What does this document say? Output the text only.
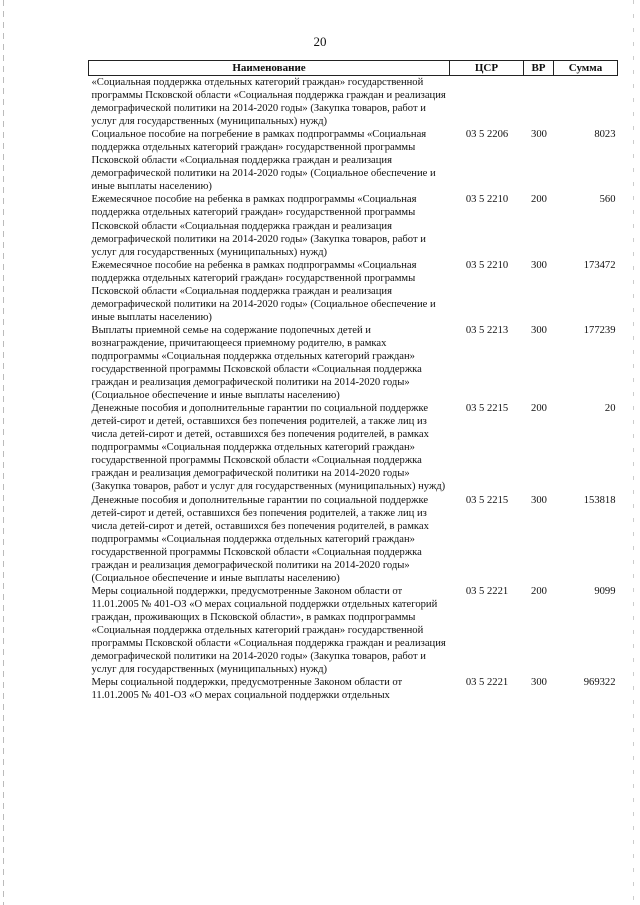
20
Наименование	ЦСР	ВР	Сумма
«Социальная поддержка отдельных категорий граждан» государственной программы Псковской области «Социальная поддержка граждан и реализация демографической политики на 2014-2020 годы» (Закупка товаров, работ и услуг для государственных (муниципальных) нужд)			
Социальное пособие на погребение в рамках подпрограммы «Социальная поддержка отдельных категорий граждан» государственной программы Псковской области «Социальная поддержка граждан и реализация демографической политики на 2014-2020 годы» (Социальное обеспечение и иные выплаты населению)	03 5 2206	300	8023
Ежемесячное пособие на ребенка в рамках подпрограммы «Социальная поддержка отдельных категорий граждан» государственной программы Псковской области «Социальная поддержка граждан и реализация демографической политики на 2014-2020 годы» (Закупка товаров, работ и услуг для государственных (муниципальных) нужд)	03 5 2210	200	560
Ежемесячное пособие на ребенка в рамках подпрограммы «Социальная поддержка отдельных категорий граждан» государственной программы Псковской области «Социальная поддержка граждан и реализация демографической политики на 2014-2020 годы» (Социальное обеспечение и иные выплаты населению)	03 5 2210	300	173472
Выплаты приемной семье на содержание подопечных детей и вознаграждение, причитающееся приемному родителю, в рамках подпрограммы «Социальная поддержка отдельных категорий граждан» государственной программы Псковской области «Социальная поддержка граждан и реализация демографической политики на 2014-2020 годы» (Социальное обеспечение и иные выплаты населению)	03 5 2213	300	177239
Денежные пособия и дополнительные гарантии по социальной поддержке детей-сирот и детей, оставшихся без попечения родителей, а также лиц из числа детей-сирот и детей, оставшихся без попечения родителей, в рамках подпрограммы «Социальная поддержка отдельных категорий граждан» государственной программы Псковской области «Социальная поддержка граждан и реализация демографической политики на 2014-2020 годы» (Закупка товаров, работ и услуг для государственных (муниципальных) нужд)	03 5 2215	200	20
Денежные пособия и дополнительные гарантии по социальной поддержке детей-сирот и детей, оставшихся без попечения родителей, а также лиц из числа детей-сирот и детей, оставшихся без попечения родителей, в рамках подпрограммы «Социальная поддержка отдельных категорий граждан» государственной программы Псковской области «Социальная поддержка граждан и реализация демографической политики на 2014-2020 годы» (Социальное обеспечение и иные выплаты населению)	03 5 2215	300	153818
Меры социальной поддержки, предусмотренные Законом области от 11.01.2005 № 401-ОЗ «О мерах социальной поддержки отдельных категорий граждан, проживающих в Псковской области», в рамках подпрограммы «Социальная поддержка отдельных категорий граждан» государственной программы Псковской области «Социальная поддержка граждан и реализация демографической политики на 2014-2020 годы» (Закупка товаров, работ и услуг для государственных (муниципальных) нужд)	03 5 2221	200	9099
Меры социальной поддержки, предусмотренные Законом области от 11.01.2005 № 401-ОЗ «О мерах социальной поддержки отдельных	03 5 2221	300	969322
